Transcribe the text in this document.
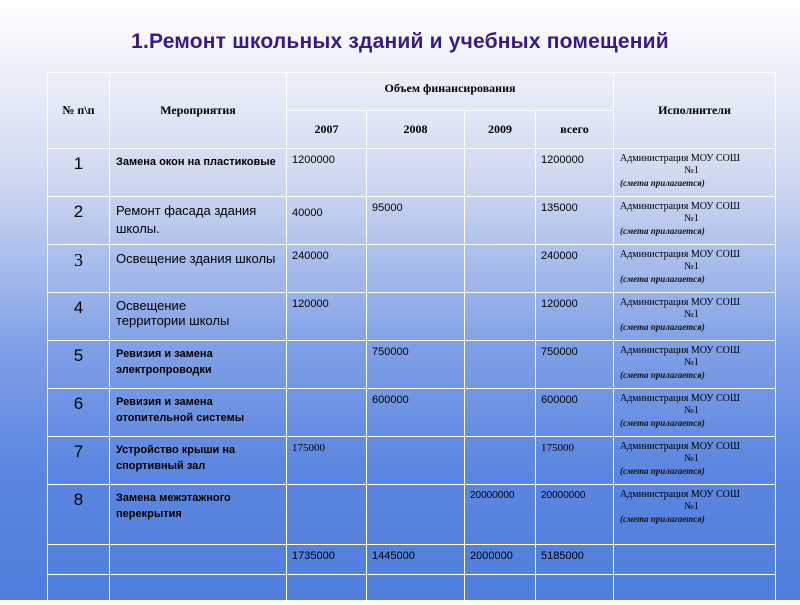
1.Ремонт школьных зданий и учебных помещений
№ п\п	Мероприятия	Объем финансирования				Исполнители
		2007	2008	2009	всего	
1	Замена окон на пластиковые	1200000			1200000	Администрация МОУ СОШ
№1
(смета прилагается)

2	Ремонт фасада здания школы.	40000	95000		135000	Администрация МОУ СОШ
№1
(смета прилагается)

3	Освещение здания школы	240000			240000	Администрация МОУ СОШ
№1
(смета прилагается)

4	Освещение территории школы	120000			120000	Администрация МОУ СОШ
№1
(смета прилагается)

5	Ревизия и замена электропроводки		750000		750000	Администрация МОУ СОШ
№1
(смета прилагается)

6	Ревизия и замена отопительной системы		600000		600000	Администрация МОУ СОШ
№1
(смета прилагается)

7	Устройство крыши на спортивный зал	175000			175000	Администрация МОУ СОШ
№1
(смета прилагается)

8	Замена межэтажного перекрытия			20000000	20000000	Администрация МОУ СОШ
№1
(смета прилагается)

		1735000	1445000	2000000	5185000	
